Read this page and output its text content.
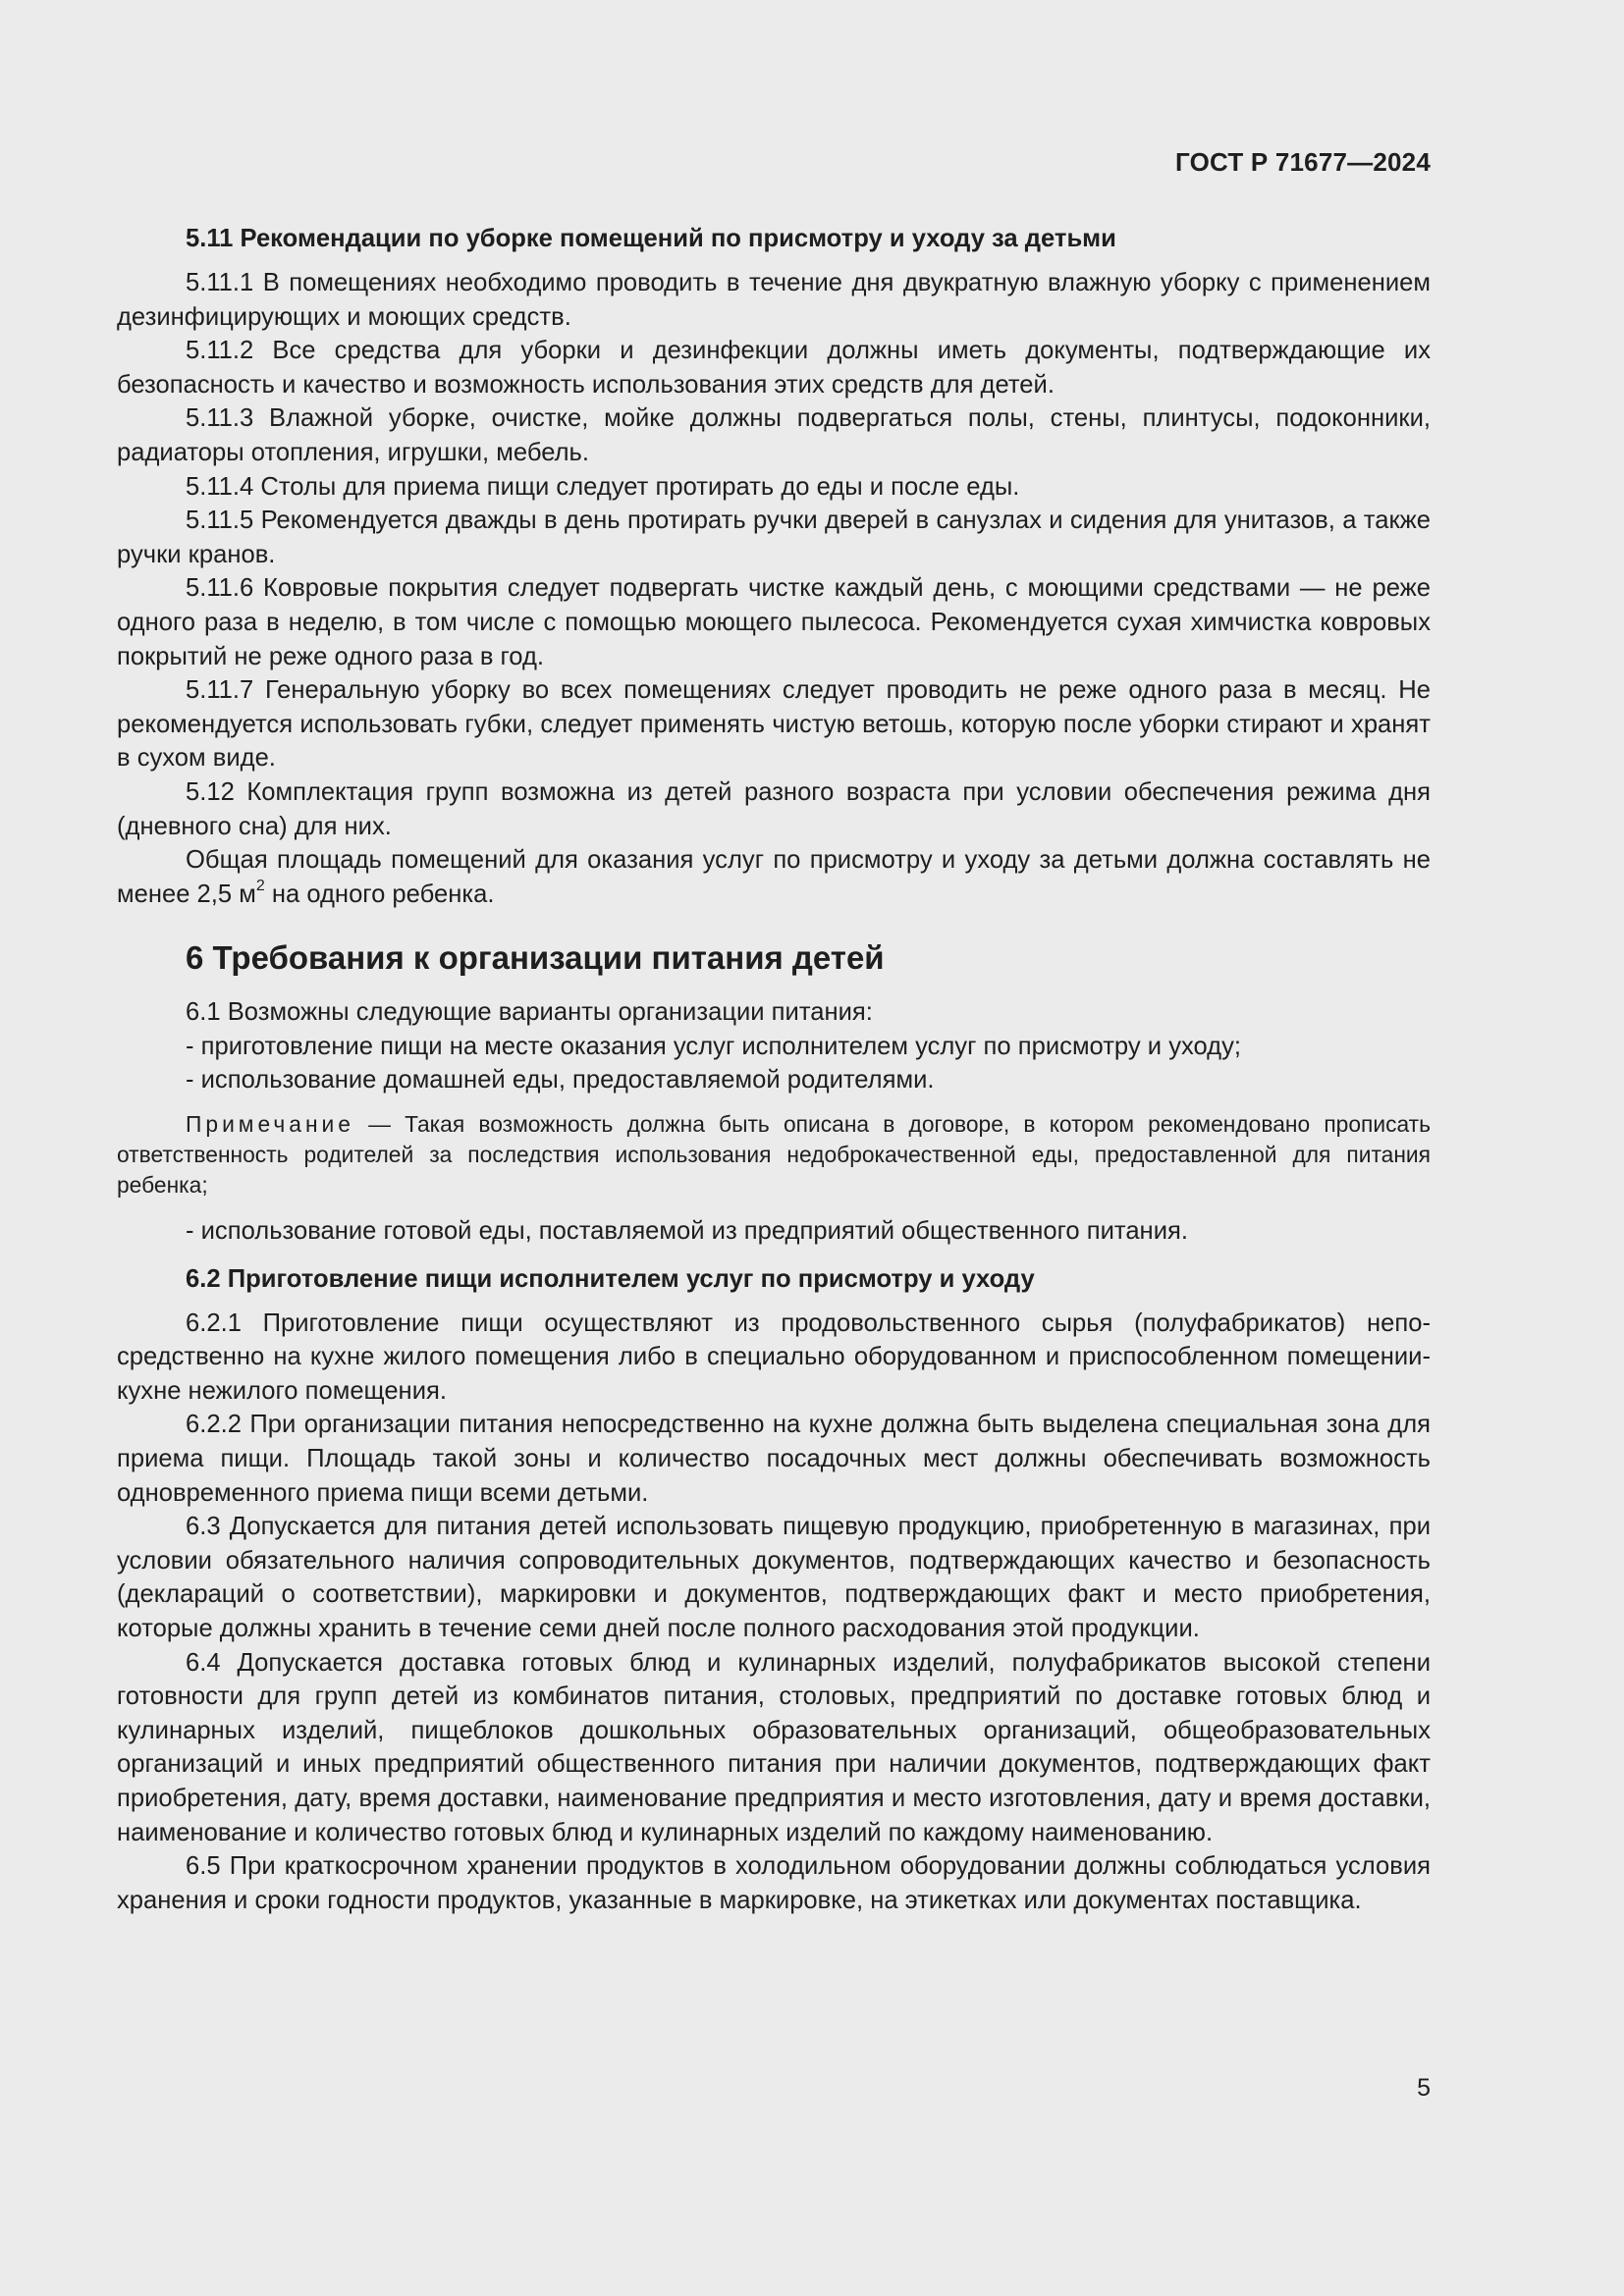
ГОСТ Р 71677—2024
5.11 Рекомендации по уборке помещений по присмотру и уходу за детьми

5.11.1 В помещениях необходимо проводить в течение дня двукратную влажную уборку с применением дезинфицирующих и моющих средств.

5.11.2 Все средства для уборки и дезинфекции должны иметь документы, подтверждающие их безопасность и качество и возможность использования этих средств для детей.

5.11.3 Влажной уборке, очистке, мойке должны подвергаться полы, стены, плинтусы, подоконники, радиаторы отопления, игрушки, мебель.

5.11.4 Столы для приема пищи следует протирать до еды и после еды.

5.11.5 Рекомендуется дважды в день протирать ручки дверей в санузлах и сидения для унитазов, а также ручки кранов.

5.11.6 Ковровые покрытия следует подвергать чистке каждый день, с моющими средствами — не реже одного раза в неделю, в том числе с помощью моющего пылесоса. Рекомендуется сухая химчистка ковровых покрытий не реже одного раза в год.

5.11.7 Генеральную уборку во всех помещениях следует проводить не реже одного раза в месяц. Не рекомендуется использовать губки, следует применять чистую ветошь, которую после уборки стирают и хранят в сухом виде.

5.12 Комплектация групп возможна из детей разного возраста при условии обеспечения режима дня (дневного сна) для них.

Общая площадь помещений для оказания услуг по присмотру и уходу за детьми должна составлять не менее 2,5 $м^2$ на одного ребенка.

6 Требования к организации питания детей

6.1 Возможны следующие варианты организации питания:

- приготовление пищи на месте оказания услуг исполнителем услуг по присмотру и уходу;

- использование домашней еды, предоставляемой родителями.

Примечание — Такая возможность должна быть описана в договоре, в котором рекомендовано прописать ответственность родителей за последствия использования недоброкачественной еды, предоставленной для питания ребенка;

- использование готовой еды, поставляемой из предприятий общественного питания.

6.2 Приготовление пищи исполнителем услуг по присмотру и уходу

6.2.1 Приготовление пищи осуществляют из продовольственного сырья (полуфабрикатов) непосредственно на кухне жилого помещения либо в специально оборудованном и приспособленном помещении-кухне нежилого помещения.

6.2.2 При организации питания непосредственно на кухне должна быть выделена специальная зона для приема пищи. Площадь такой зоны и количество посадочных мест должны обеспечивать возможность одновременного приема пищи всеми детьми.

6.3 Допускается для питания детей использовать пищевую продукцию, приобретенную в магазинах, при условии обязательного наличия сопроводительных документов, подтверждающих качество и безопасность (деклараций о соответствии), маркировки и документов, подтверждающих факт и место приобретения, которые должны хранить в течение семи дней после полного расходования этой продукции.

6.4 Допускается доставка готовых блюд и кулинарных изделий, полуфабрикатов высокой степени готовности для групп детей из комбинатов питания, столовых, предприятий по доставке готовых блюд и кулинарных изделий, пищеблоков дошкольных образовательных организаций, общеобразовательных организаций и иных предприятий общественного питания при наличии документов, подтверждающих факт приобретения, дату, время доставки, наименование предприятия и место изготовления, дату и время доставки, наименование и количество готовых блюд и кулинарных изделий по каждому наименованию.

6.5 При краткосрочном хранении продуктов в холодильном оборудовании должны соблюдаться условия хранения и сроки годности продуктов, указанные в маркировке, на этикетках или документах поставщика.

5
